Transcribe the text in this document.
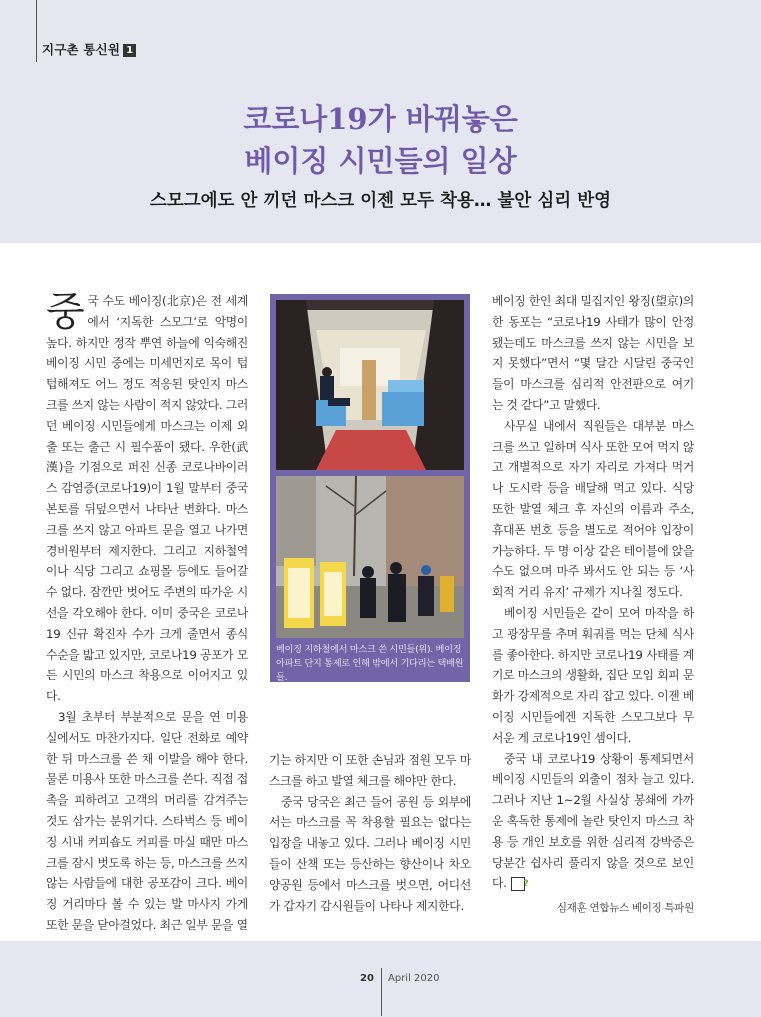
지구촌 통신원 1
코로나19가 바꿔놓은
베이징 시민들의 일상
스모그에도 안 끼던 마스크 이젠 모두 착용… 불안 심리 반영

중국 수도 베이징(北京)은 전 세계에서 ‘지독한 스모그’로 악명이 높다. 하지만 정작 뿌연 하늘에 익숙해진 베이징 시민 중에는 미세먼지로 목이 텁텁해져도 어느 정도 적응된 탓인지 마스크를 쓰지 않는 사람이 적지 않았다. 그러던 베이징 시민들에게 마스크는 이제 외출 또는 출근 시 필수품이 됐다. 우한(武漢)을 기점으로 퍼진 신종 코로나바이러스 감염증(코로나19)이 1월 말부터 중국 본토를 뒤덮으면서 나타난 변화다. 마스크를 쓰지 않고 아파트 문을 열고 나가면 경비원부터 제지한다. 그리고 지하철역이나 식당 그리고 쇼핑몰 등에도 들어갈 수 없다. 잠깐만 벗어도 주변의 따가운 시선을 각오해야 한다. 이미 중국은 코로나19 신규 확진자 수가 크게 줄면서 종식 수순을 밟고 있지만, 코로나19 공포가 모든 시민의 마스크 착용으로 이어지고 있다.

3월 초부터 부분적으로 문을 연 미용실에서도 마찬가지다. 일단 전화로 예약한 뒤 마스크를 쓴 채 이발을 해야 한다. 물론 미용사 또한 마스크를 쓴다. 직접 접촉을 피하려고 고객의 머리를 감겨주는 것도 삼가는 분위기다. 스타벅스 등 베이징 시내 커피숍도 커피를 마실 때만 마스크를 잠시 벗도록 하는 등, 마스크를 쓰지 않는 사람들에 대한 공포감이 크다. 베이징 거리마다 볼 수 있는 발 마사지 가게 또한 문을 닫아걸었다. 최근 일부 문을 열

베이징 지하철에서 마스크 쓴 시민들(위). 베이징 아파트 단지 통제로 인해 밖에서 기다리는 택배원들.

기는 하지만 이 또한 손님과 점원 모두 마스크를 하고 발열 체크를 해야만 한다.

중국 당국은 최근 들어 공원 등 외부에서는 마스크를 꼭 착용할 필요는 없다는 입장을 내놓고 있다. 그러나 베이징 시민들이 산책 또는 등산하는 향산이나 차오양공원 등에서 마스크를 벗으면, 어디선가 갑자기 감시원들이 나타나 제지한다.

베이징 한인 최대 밀집지인 왕징(望京)의 한 동포는 “코로나19 사태가 많이 안정됐는데도 마스크를 쓰지 않는 시민을 보지 못했다”면서 “몇 달간 시달린 중국인들이 마스크를 심리적 안전판으로 여기는 것 같다”고 말했다.

사무실 내에서 직원들은 대부분 마스크를 쓰고 일하며 식사 또한 모여 먹지 않고 개별적으로 자기 자리로 가져다 먹거나 도시락 등을 배달해 먹고 있다. 식당 또한 발열 체크 후 자신의 이름과 주소, 휴대폰 번호 등을 별도로 적어야 입장이 가능하다. 두 명 이상 같은 테이블에 앉을 수도 없으며 마주 봐서도 안 되는 등 ‘사회적 거리 유지’ 규제가 지나칠 정도다.

베이징 시민들은 같이 모여 마작을 하고 광장무를 추며 훠궈를 먹는 단체 식사를 좋아한다. 하지만 코로나19 사태를 계기로 마스크의 생활화, 집단 모임 회피 문화가 강제적으로 자리 잡고 있다. 이젠 베이징 시민들에겐 지독한 스모그보다 무서운 게 코로나19인 셈이다.

중국 내 코로나19 상황이 통제되면서 베이징 시민들의 외출이 점차 늘고 있다. 그러나 지난 1~2월 사실상 봉쇄에 가까운 혹독한 통제에 놀란 탓인지 마스크 착용 등 개인 보호를 위한 심리적 강박증은 당분간 쉽사리 풀리지 않을 것으로 보인다. ?

심재훈 연합뉴스 베이징 특파원
20 April 2020
